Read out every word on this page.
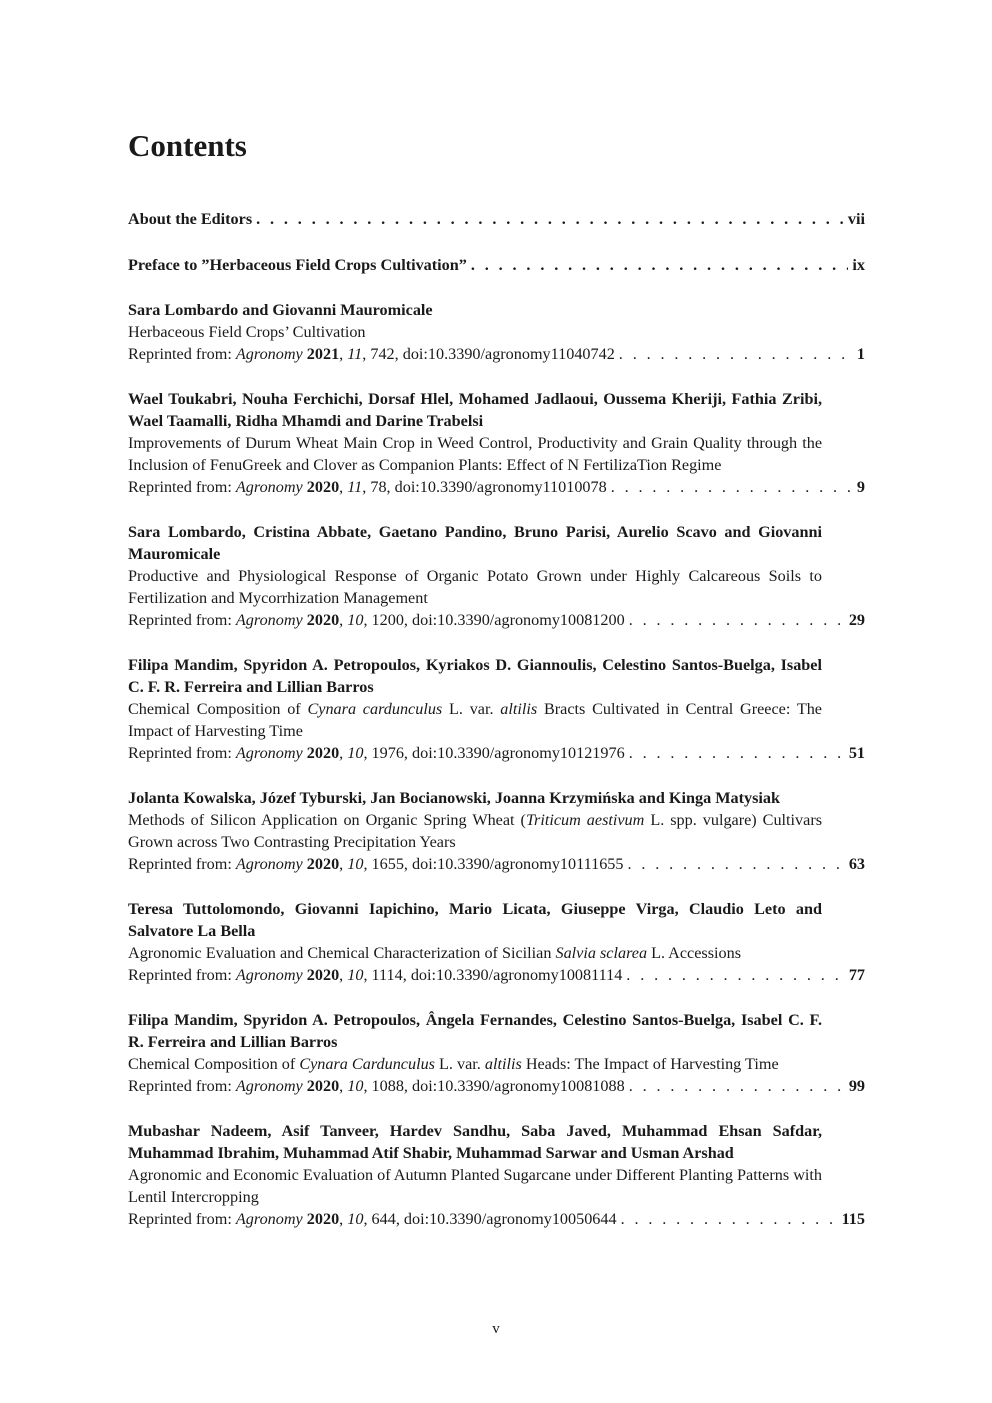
Contents
About the Editors . . .	vii
Preface to ”Herbaceous Field Crops Cultivation” . . .	ix
Sara Lombardo and Giovanni Mauromicale
Herbaceous Field Crops’ Cultivation
Reprinted from: Agronomy 2021, 11, 742, doi:10.3390/agronomy11040742 . . .	1
Wael Toukabri, Nouha Ferchichi, Dorsaf Hlel, Mohamed Jadlaoui, Oussema Kheriji, Fathia Zribi, Wael Taamalli, Ridha Mhamdi and Darine Trabelsi
Improvements of Durum Wheat Main Crop in Weed Control, Productivity and Grain Quality through the Inclusion of FenuGreek and Clover as Companion Plants: Effect of N FertilizaTion Regime
Reprinted from: Agronomy 2020, 11, 78, doi:10.3390/agronomy11010078 . . .	9
Sara Lombardo, Cristina Abbate, Gaetano Pandino, Bruno Parisi, Aurelio Scavo and Giovanni Mauromicale
Productive and Physiological Response of Organic Potato Grown under Highly Calcareous Soils to Fertilization and Mycorrhization Management
Reprinted from: Agronomy 2020, 10, 1200, doi:10.3390/agronomy10081200 . . .	29
Filipa Mandim, Spyridon A. Petropoulos, Kyriakos D. Giannoulis, Celestino Santos-Buelga, Isabel C. F. R. Ferreira and Lillian Barros
Chemical Composition of Cynara cardunculus L. var. altilis Bracts Cultivated in Central Greece: The Impact of Harvesting Time
Reprinted from: Agronomy 2020, 10, 1976, doi:10.3390/agronomy10121976 . . .	51
Jolanta Kowalska, Józef Tyburski, Jan Bocianowski, Joanna Krzymińska and Kinga Matysiak
Methods of Silicon Application on Organic Spring Wheat (Triticum aestivum L. spp. vulgare) Cultivars Grown across Two Contrasting Precipitation Years
Reprinted from: Agronomy 2020, 10, 1655, doi:10.3390/agronomy10111655 . . .	63
Teresa Tuttolomondo, Giovanni Iapichino, Mario Licata, Giuseppe Virga, Claudio Leto and Salvatore La Bella
Agronomic Evaluation and Chemical Characterization of Sicilian Salvia sclarea L. Accessions
Reprinted from: Agronomy 2020, 10, 1114, doi:10.3390/agronomy10081114 . . .	77
Filipa Mandim, Spyridon A. Petropoulos, Ângela Fernandes, Celestino Santos-Buelga, Isabel C. F. R. Ferreira and Lillian Barros
Chemical Composition of Cynara Cardunculus L. var. altilis Heads: The Impact of Harvesting Time
Reprinted from: Agronomy 2020, 10, 1088, doi:10.3390/agronomy10081088 . . .	99
Mubashar Nadeem, Asif Tanveer, Hardev Sandhu, Saba Javed, Muhammad Ehsan Safdar, Muhammad Ibrahim, Muhammad Atif Shabir, Muhammad Sarwar and Usman Arshad
Agronomic and Economic Evaluation of Autumn Planted Sugarcane under Different Planting Patterns with Lentil Intercropping
Reprinted from: Agronomy 2020, 10, 644, doi:10.3390/agronomy10050644 . . .	115
v
